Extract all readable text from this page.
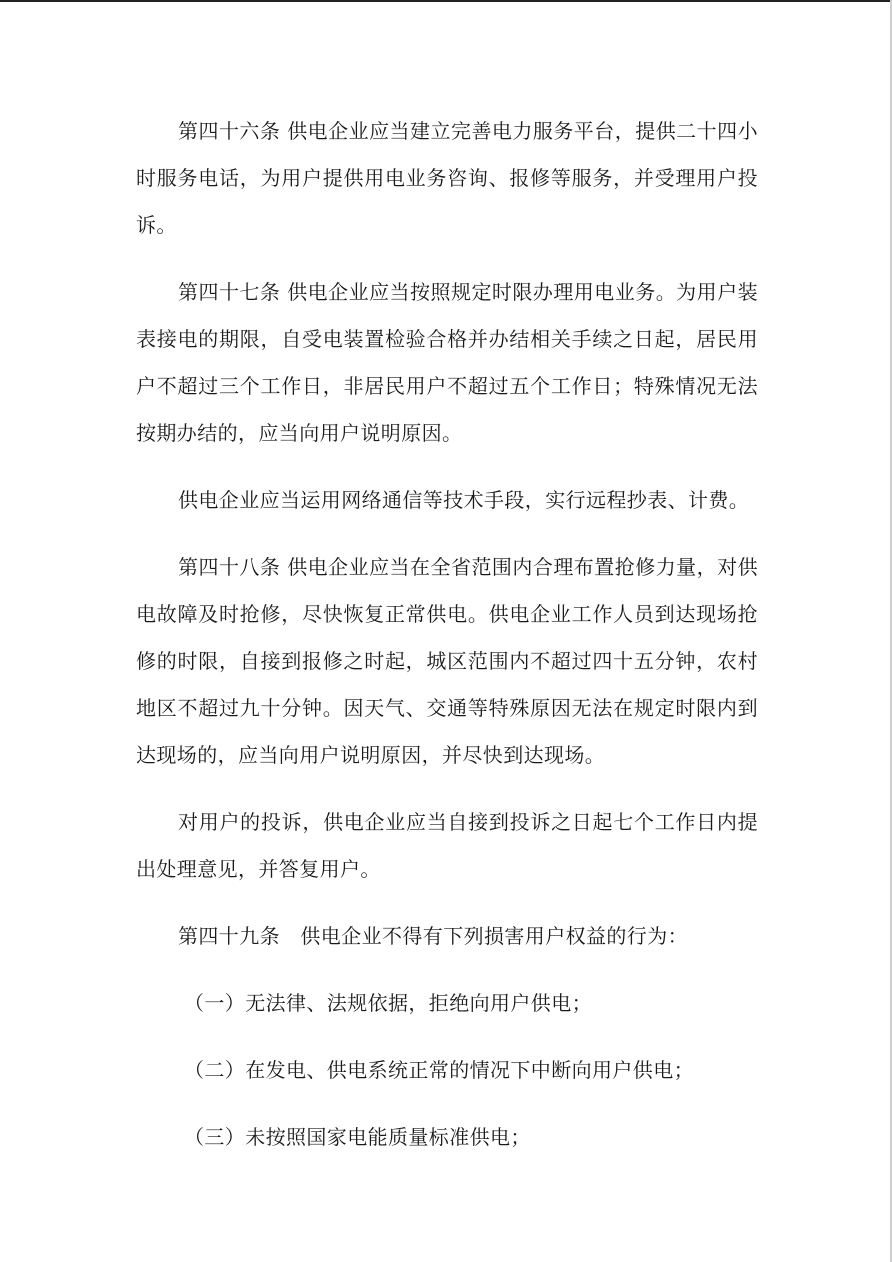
第四十六条 供电企业应当建立完善电力服务平台，提供二十四小时服务电话，为用户提供用电业务咨询、报修等服务，并受理用户投诉。

第四十七条 供电企业应当按照规定时限办理用电业务。为用户装表接电的期限，自受电装置检验合格并办结相关手续之日起，居民用户不超过三个工作日，非居民用户不超过五个工作日；特殊情况无法按期办结的，应当向用户说明原因。

供电企业应当运用网络通信等技术手段，实行远程抄表、计费。

第四十八条 供电企业应当在全省范围内合理布置抢修力量，对供电故障及时抢修，尽快恢复正常供电。供电企业工作人员到达现场抢修的时限，自接到报修之时起，城区范围内不超过四十五分钟，农村地区不超过九十分钟。因天气、交通等特殊原因无法在规定时限内到达现场的，应当向用户说明原因，并尽快到达现场。

对用户的投诉，供电企业应当自接到投诉之日起七个工作日内提出处理意见，并答复用户。

第四十九条　供电企业不得有下列损害用户权益的行为：

（一）无法律、法规依据，拒绝向用户供电；

（二）在发电、供电系统正常的情况下中断向用户供电；

（三）未按照国家电能质量标准供电；
